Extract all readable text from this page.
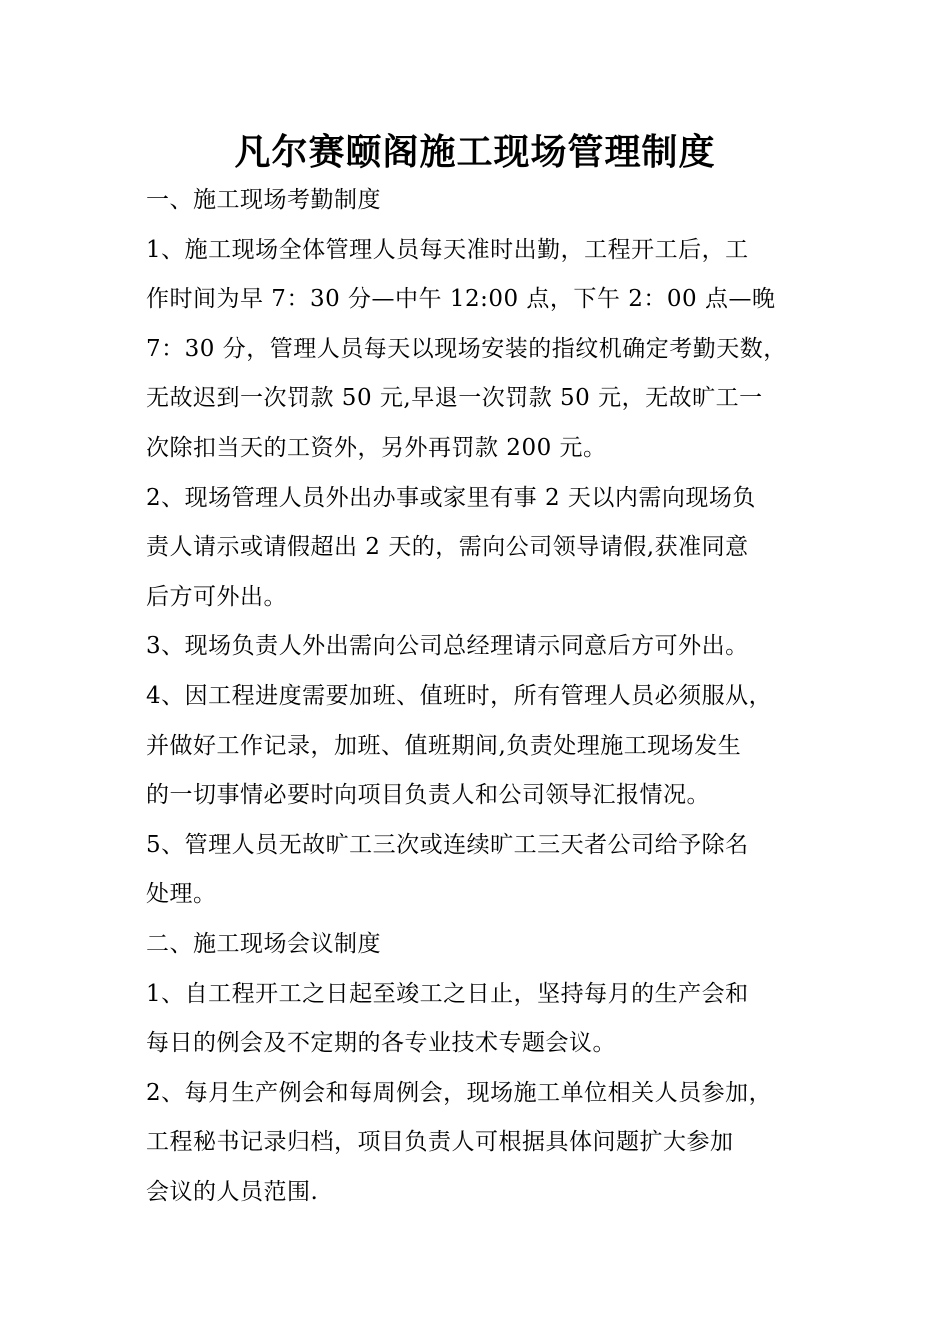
凡尔赛颐阁施工现场管理制度
一、施工现场考勤制度
1、施工现场全体管理人员每天准时出勤，工程开工后，工
作时间为早 7：30 分—中午 12:00 点，下午 2：00 点—晚
7：30 分，管理人员每天以现场安装的指纹机确定考勤天数，
无故迟到一次罚款 50 元,早退一次罚款 50 元，无故旷工一
次除扣当天的工资外，另外再罚款 200 元。
2、现场管理人员外出办事或家里有事 2 天以内需向现场负
责人请示或请假超出 2 天的，需向公司领导请假,获准同意
后方可外出。
3、现场负责人外出需向公司总经理请示同意后方可外出。
4、因工程进度需要加班、值班时，所有管理人员必须服从，
并做好工作记录，加班、值班期间,负责处理施工现场发生
的一切事情必要时向项目负责人和公司领导汇报情况。
5、管理人员无故旷工三次或连续旷工三天者公司给予除名
处理。
二、施工现场会议制度
1、自工程开工之日起至竣工之日止，坚持每月的生产会和
每日的例会及不定期的各专业技术专题会议。
2、每月生产例会和每周例会，现场施工单位相关人员参加，
工程秘书记录归档，项目负责人可根据具体问题扩大参加
会议的人员范围.
